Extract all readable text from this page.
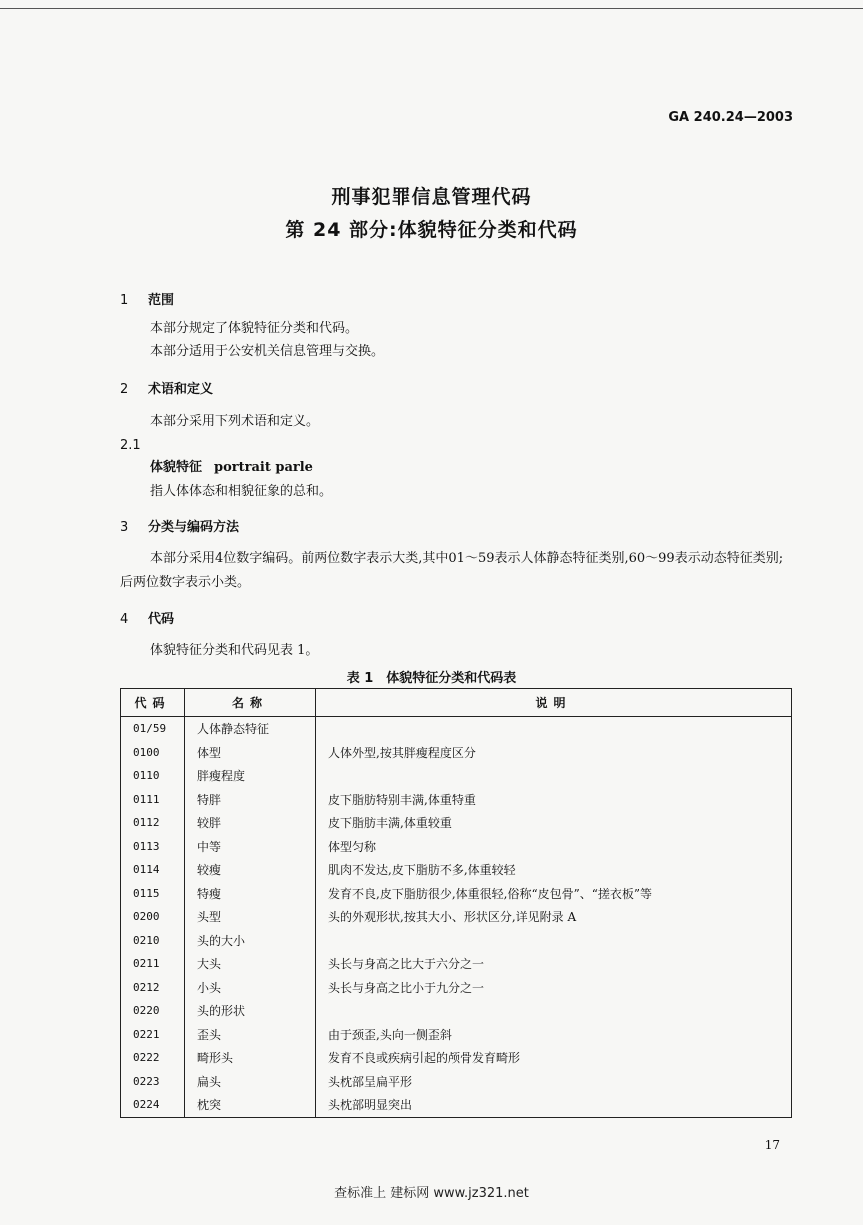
GA 240.24—2003
刑事犯罪信息管理代码
第 24 部分:体貌特征分类和代码
1 范围
本部分规定了体貌特征分类和代码。
本部分适用于公安机关信息管理与交换。
2 术语和定义
本部分采用下列术语和定义。
2.1
体貌特征 portrait parle
指人体体态和相貌征象的总和。
3 分类与编码方法
本部分采用4位数字编码。前两位数字表示大类,其中01～59表示人体静态特征类别,60～99表示动态特征类别;后两位数字表示小类。
4 代码
体貌特征分类和代码见表 1。
表 1　体貌特征分类和代码表
代码	名称	说明
01/59	人体静态特征	
0100	体型	人体外型,按其胖瘦程度区分
0110	胖瘦程度	
0111	特胖	皮下脂肪特别丰满,体重特重
0112	较胖	皮下脂肪丰满,体重较重
0113	中等	体型匀称
0114	较瘦	肌肉不发达,皮下脂肪不多,体重较轻
0115	特瘦	发育不良,皮下脂肪很少,体重很轻,俗称“皮包骨”、“搓衣板”等
0200	头型	头的外观形状,按其大小、形状区分,详见附录 A
0210	头的大小	
0211	大头	头长与身高之比大于六分之一
0212	小头	头长与身高之比小于九分之一
0220	头的形状	
0221	歪头	由于颈歪,头向一侧歪斜
0222	畸形头	发育不良或疾病引起的颅骨发育畸形
0223	扁头	头枕部呈扁平形
0224	枕突	头枕部明显突出
17
查标准上 建标网 www.jz321.net
